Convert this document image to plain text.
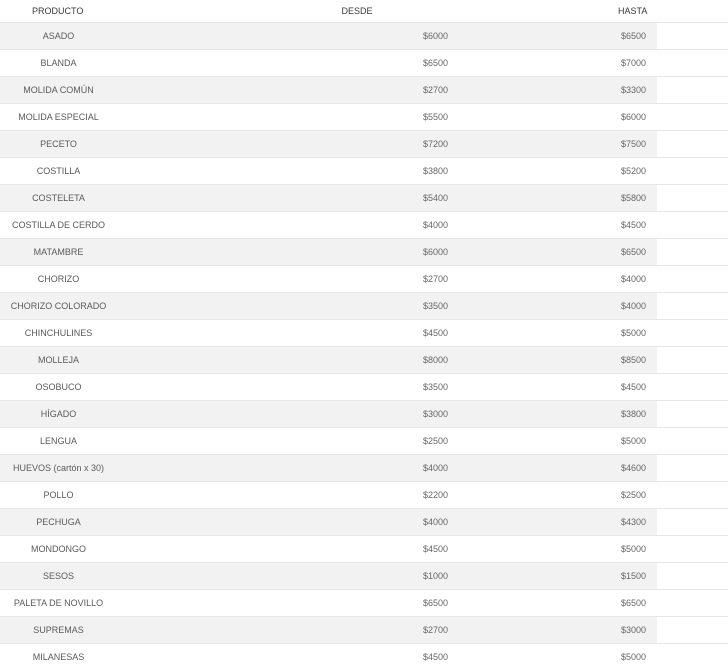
PRODUCTO	DESDE	HASTA

ASADO	$6000 $6500	

BLANDA	$6500 $7000	

MOLIDA COMÚN	$2700 $3300	

MOLIDA ESPECIAL	$5500 $6000	

PECETO	$7200 $7500	

COSTILLA	$3800 $5200	

COSTELETA	$5400 $5800	

COSTILLA DE CERDO	$4000 $4500	

MATAMBRE	$6000 $6500	

CHORIZO	$2700 $4000	

CHORIZO COLORADO	$3500 $4000	

CHINCHULINES	$4500 $5000	

MOLLEJA	$8000 $8500	

OSOBUCO	$3500 $4500	

HÍGADO	$3000 $3800	

LENGUA	$2500 $5000	

HUEVOS (cartón x 30)	$4000 $4600	

POLLO	$2200 $2500	

PECHUGA	$4000 $4300	

MONDONGO	$4500 $5000	

SESOS	$1000 $1500	

PALETA DE NOVILLO	$6500 $6500	

SUPREMAS	$2700 $3000	

MILANESAS	$4500 $5000	
